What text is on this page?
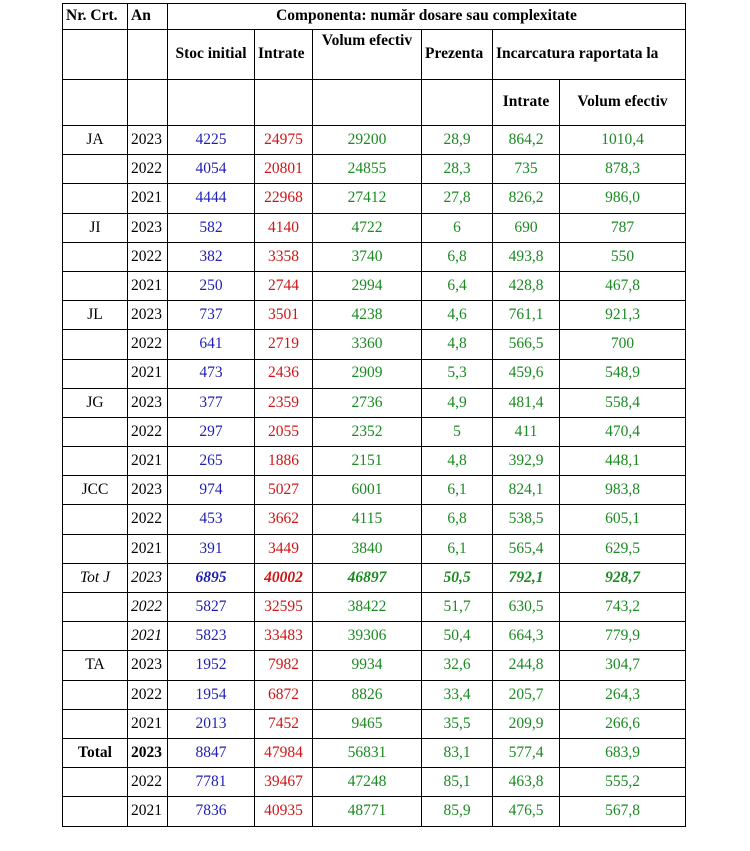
Nr. Crt.	An	Componenta: număr dosare sau complexitate					
		Stoc initial	Intrate	Volum efectiv	Prezenta	Incarcatura raportata la	
						Intrate	Volum efectiv
JA	2023	4225	24975	29200	28,9	864,2	1010,4
	2022	4054	20801	24855	28,3	735	878,3
	2021	4444	22968	27412	27,8	826,2	986,0
JI	2023	582	4140	4722	6	690	787
	2022	382	3358	3740	6,8	493,8	550
	2021	250	2744	2994	6,4	428,8	467,8
JL	2023	737	3501	4238	4,6	761,1	921,3
	2022	641	2719	3360	4,8	566,5	700
	2021	473	2436	2909	5,3	459,6	548,9
JG	2023	377	2359	2736	4,9	481,4	558,4
	2022	297	2055	2352	5	411	470,4
	2021	265	1886	2151	4,8	392,9	448,1
JCC	2023	974	5027	6001	6,1	824,1	983,8
	2022	453	3662	4115	6,8	538,5	605,1
	2021	391	3449	3840	6,1	565,4	629,5
Tot J	2023	6895	40002	46897	50,5	792,1	928,7
	2022	5827	32595	38422	51,7	630,5	743,2
	2021	5823	33483	39306	50,4	664,3	779,9
TA	2023	1952	7982	9934	32,6	244,8	304,7
	2022	1954	6872	8826	33,4	205,7	264,3
	2021	2013	7452	9465	35,5	209,9	266,6
Total	2023	8847	47984	56831	83,1	577,4	683,9
	2022	7781	39467	47248	85,1	463,8	555,2
	2021	7836	40935	48771	85,9	476,5	567,8
